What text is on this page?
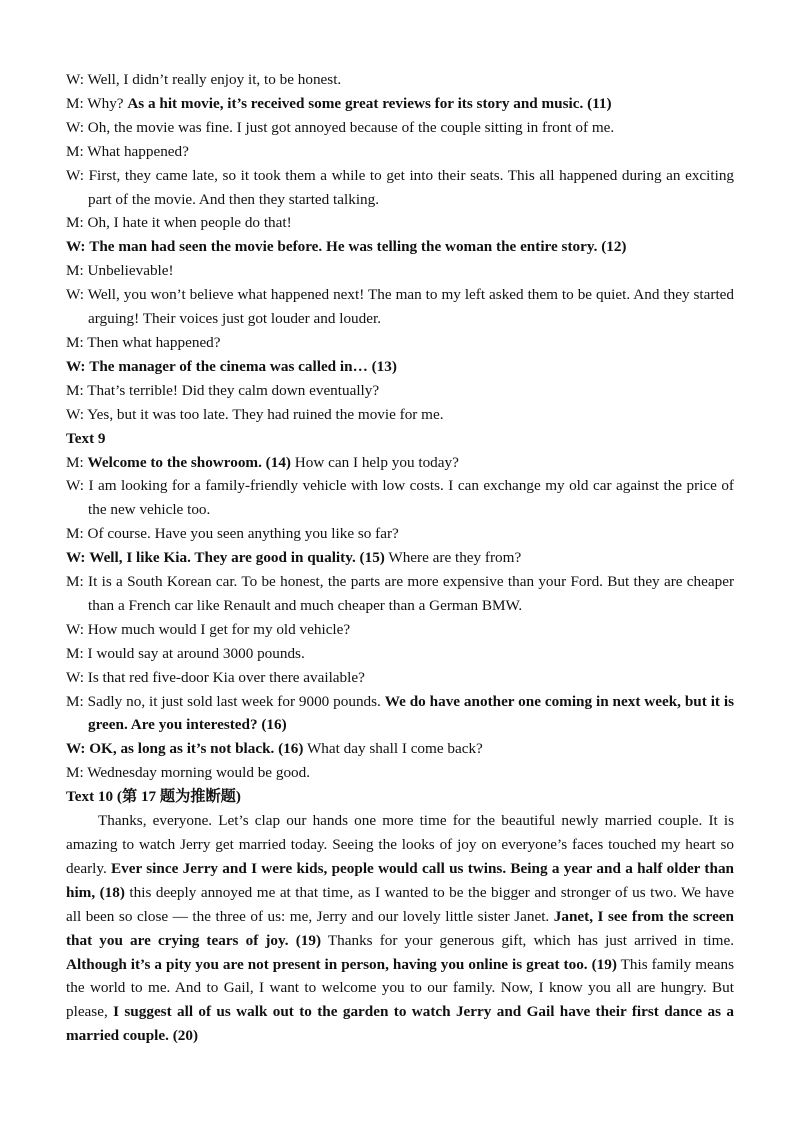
W: Well, I didn’t really enjoy it, to be honest.

M: Why? As a hit movie, it’s received some great reviews for its story and music. (11)

W: Oh, the movie was fine. I just got annoyed because of the couple sitting in front of me.

M: What happened?

W: First, they came late, so it took them a while to get into their seats. This all happened during an exciting part of the movie. And then they started talking.

M: Oh, I hate it when people do that!

W: The man had seen the movie before. He was telling the woman the entire story. (12)

M: Unbelievable!

W: Well, you won’t believe what happened next! The man to my left asked them to be quiet. And they started arguing! Their voices just got louder and louder.

M: Then what happened?

W: The manager of the cinema was called in… (13)

M: That’s terrible! Did they calm down eventually?

W: Yes, but it was too late. They had ruined the movie for me.

Text 9

M: Welcome to the showroom. (14) How can I help you today?

W: I am looking for a family-friendly vehicle with low costs. I can exchange my old car against the price of the new vehicle too.

M: Of course. Have you seen anything you like so far?

W: Well, I like Kia. They are good in quality. (15) Where are they from?

M: It is a South Korean car. To be honest, the parts are more expensive than your Ford. But they are cheaper than a French car like Renault and much cheaper than a German BMW.

W: How much would I get for my old vehicle?

M: I would say at around 3000 pounds.

W: Is that red five-door Kia over there available?

M: Sadly no, it just sold last week for 9000 pounds. We do have another one coming in next week, but it is green. Are you interested? (16)

W: OK, as long as it’s not black. (16) What day shall I come back?

M: Wednesday morning would be good.

Text 10 (第 17 题为推断题)

Thanks, everyone. Let’s clap our hands one more time for the beautiful newly married couple. It is amazing to watch Jerry get married today. Seeing the looks of joy on everyone’s faces touched my heart so dearly. Ever since Jerry and I were kids, people would call us twins. Being a year and a half older than him, (18) this deeply annoyed me at that time, as I wanted to be the bigger and stronger of us two. We have all been so close — the three of us: me, Jerry and our lovely little sister Janet. Janet, I see from the screen that you are crying tears of joy. (19) Thanks for your generous gift, which has just arrived in time. Although it’s a pity you are not present in person, having you online is great too. (19) This family means the world to me. And to Gail, I want to welcome you to our family. Now, I know you all are hungry. But please, I suggest all of us walk out to the garden to watch Jerry and Gail have their first dance as a married couple. (20)
